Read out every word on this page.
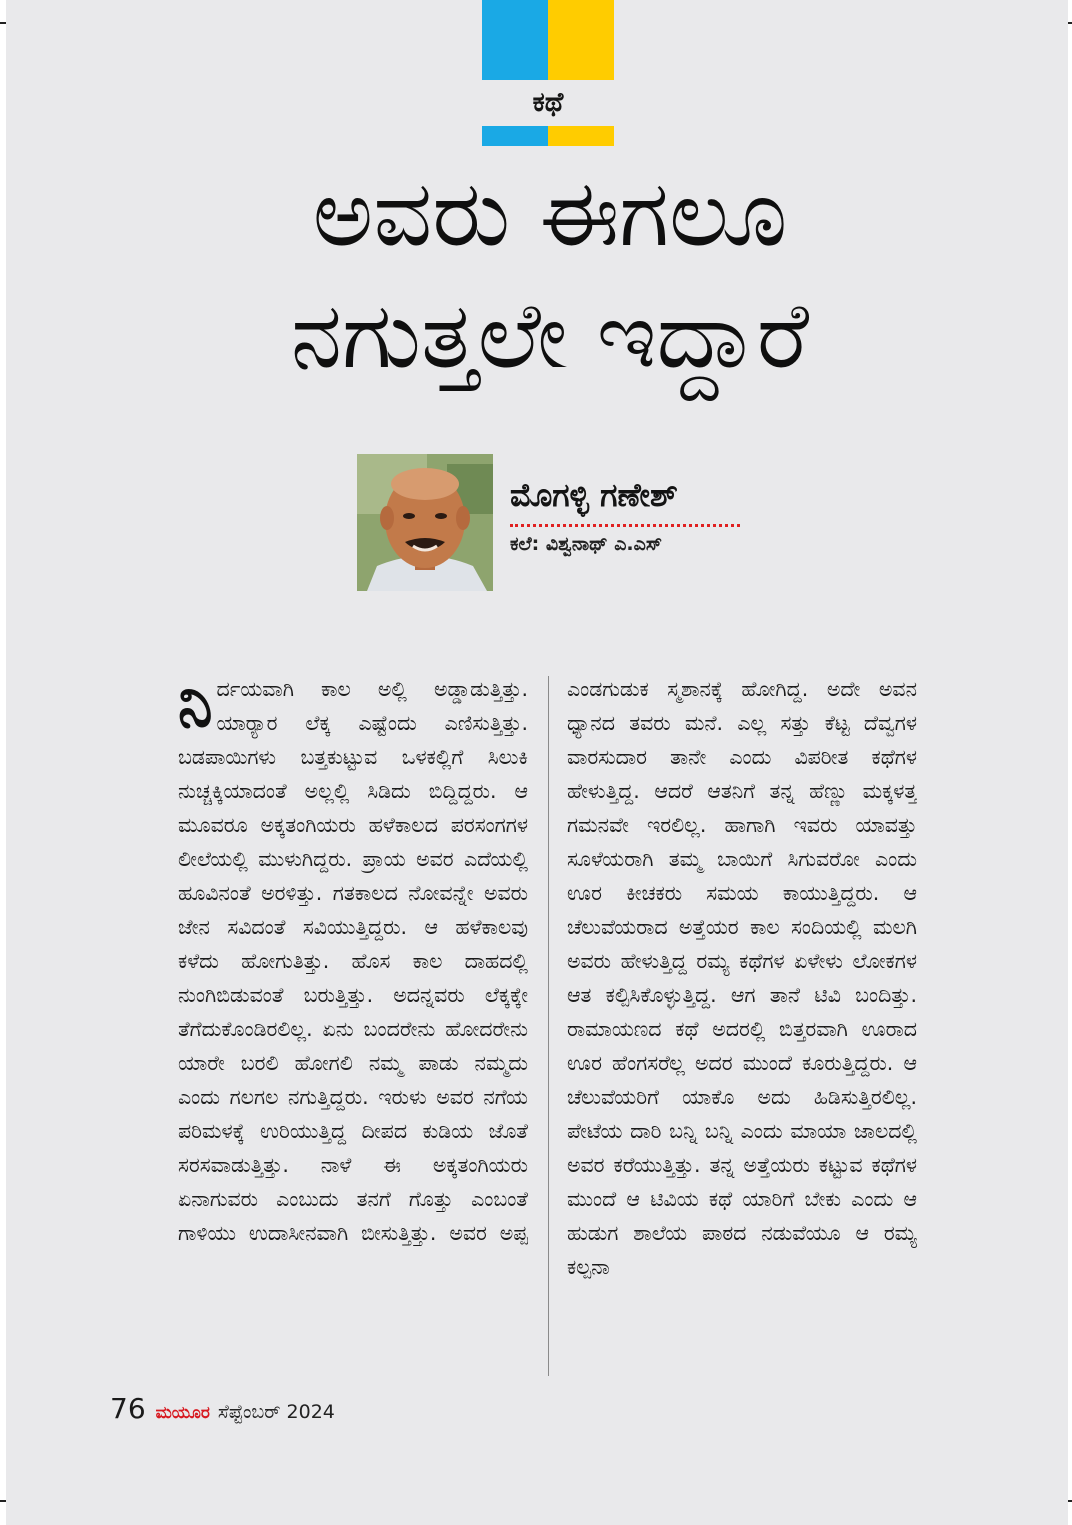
ಕಥೆ
ಅವರು ಈಗಲೂ
ನಗುತ್ತಲೇ ಇದ್ದಾರೆ
ಮೊಗಳ್ಳಿ ಗಣೇಶ್
ಕಲೆ: ವಿಶ್ವನಾಥ್ ಎ.ಎಸ್
ನಿ ರ್ದಯವಾಗಿ ಕಾಲ ಅಲ್ಲಿ ಅಡ್ಡಾಡುತ್ತಿತ್ತು. ಯಾರ್‍ಯಾರ ಲೆಕ್ಕ ಎಷ್ಟೆಂದು ಎಣಿಸುತ್ತಿತ್ತು. ಬಡಪಾಯಿಗಳು ಬತ್ತಕುಟ್ಟುವ ಒಳಕಲ್ಲಿಗೆ ಸಿಲುಕಿ ನುಚ್ಚಕ್ಕಿಯಾದಂತೆ ಅಲ್ಲಲ್ಲಿ ಸಿಡಿದು ಬಿದ್ದಿದ್ದರು. ಆ ಮೂವರೂ ಅಕ್ಕತಂಗಿಯರು ಹಳೆಕಾಲದ ಪರಸಂಗಗಳ ಲೀಲೆಯಲ್ಲಿ ಮುಳುಗಿದ್ದರು. ಪ್ರಾಯ ಅವರ ಎದೆಯಲ್ಲಿ ಹೂವಿನಂತೆ ಅರಳಿತ್ತು. ಗತಕಾಲದ ನೋವನ್ನೇ ಅವರು ಜೇನ ಸವಿದಂತೆ ಸವಿಯುತ್ತಿದ್ದರು. ಆ ಹಳೆಕಾಲವು ಕಳೆದು ಹೋಗುತಿತ್ತು. ಹೊಸ ಕಾಲ ದಾಹದಲ್ಲಿ ನುಂಗಿಬಿಡುವಂತೆ ಬರುತ್ತಿತ್ತು. ಅದನ್ನವರು ಲೆಕ್ಕಕ್ಕೇ ತೆಗೆದುಕೊಂಡಿರಲಿಲ್ಲ. ಏನು ಬಂದರೇನು ಹೋದರೇನು ಯಾರೇ ಬರಲಿ ಹೋಗಲಿ ನಮ್ಮ ಪಾಡು ನಮ್ಮದು ಎಂದು ಗಲಗಲ ನಗುತ್ತಿದ್ದರು. ಇರುಳು ಅವರ ನಗೆಯ ಪರಿಮಳಕ್ಕೆ ಉರಿಯುತ್ತಿದ್ದ ದೀಪದ ಕುಡಿಯ ಜೊತೆ ಸರಸವಾಡುತ್ತಿತ್ತು. ನಾಳೆ ಈ ಅಕ್ಕತಂಗಿಯರು ಏನಾಗುವರು ಎಂಬುದು ತನಗೆ ಗೊತ್ತು ಎಂಬಂತೆ ಗಾಳಿಯು ಉದಾಸೀನವಾಗಿ ಬೀಸುತ್ತಿತ್ತು. ಅವರ ಅಪ್ಪ

ಎಂಡಗುಡುಕ ಸ್ಮಶಾನಕ್ಕೆ ಹೋಗಿದ್ದ. ಅದೇ ಅವನ ಧ್ಯಾನದ ತವರು ಮನೆ. ಎಲ್ಲ ಸತ್ತು ಕೆಟ್ಟ ದೆವ್ವಗಳ ವಾರಸುದಾರ ತಾನೇ ಎಂದು ವಿಪರೀತ ಕಥೆಗಳ ಹೇಳುತ್ತಿದ್ದ. ಆದರೆ ಆತನಿಗೆ ತನ್ನ ಹೆಣ್ಣು ಮಕ್ಕಳತ್ತ ಗಮನವೇ ಇರಲಿಲ್ಲ. ಹಾಗಾಗಿ ಇವರು ಯಾವತ್ತು ಸೂಳೆಯರಾಗಿ ತಮ್ಮ ಬಾಯಿಗೆ ಸಿಗುವರೋ ಎಂದು ಊರ ಕೀಚಕರು ಸಮಯ ಕಾಯುತ್ತಿದ್ದರು. ಆ ಚೆಲುವೆಯರಾದ ಅತ್ತೆಯರ ಕಾಲ ಸಂದಿಯಲ್ಲಿ ಮಲಗಿ ಅವರು ಹೇಳುತ್ತಿದ್ದ ರಮ್ಯ ಕಥೆಗಳ ಏಳೇಳು ಲೋಕಗಳ ಆತ ಕಲ್ಪಿಸಿಕೊಳ್ಳುತ್ತಿದ್ದ. ಆಗ ತಾನೆ ಟಿವಿ ಬಂದಿತ್ತು. ರಾಮಾಯಣದ ಕಥೆ ಅದರಲ್ಲಿ ಬಿತ್ತರವಾಗಿ ಊರಾದ ಊರ ಹೆಂಗಸರೆಲ್ಲ ಅದರ ಮುಂದೆ ಕೂರುತ್ತಿದ್ದರು. ಆ ಚೆಲುವೆಯರಿಗೆ ಯಾಕೊ ಅದು ಹಿಡಿಸುತ್ತಿರಲಿಲ್ಲ. ಪೇಟೆಯ ದಾರಿ ಬನ್ನಿ ಬನ್ನಿ ಎಂದು ಮಾಯಾ ಜಾಲದಲ್ಲಿ ಅವರ ಕರೆಯುತ್ತಿತ್ತು. ತನ್ನ ಅತ್ತೆಯರು ಕಟ್ಟುವ ಕಥೆಗಳ ಮುಂದೆ ಆ ಟಿವಿಯ ಕಥೆ ಯಾರಿಗೆ ಬೇಕು ಎಂದು ಆ ಹುಡುಗ ಶಾಲೆಯ ಪಾಠದ ನಡುವೆಯೂ ಆ ರಮ್ಯ ಕಲ್ಪನಾ

76 ಮಯೂರ ಸೆಪ್ಟೆಂಬರ್ 2024
